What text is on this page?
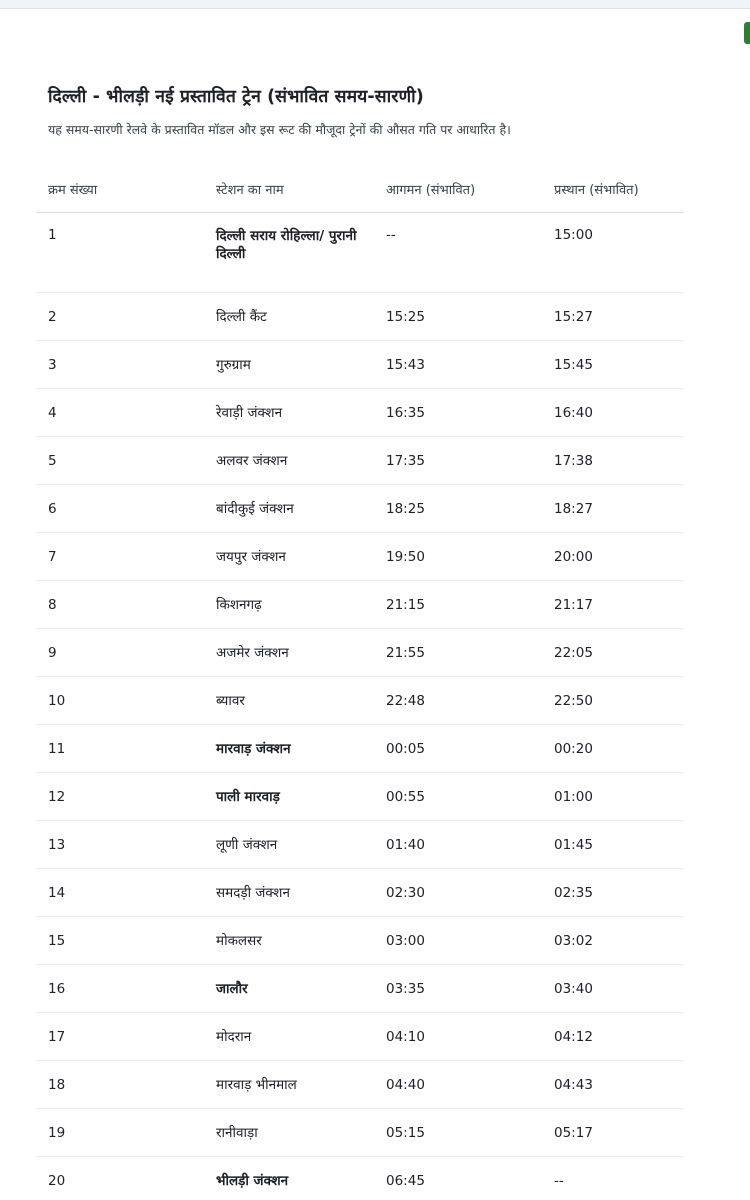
दिल्ली - भीलड़ी नई प्रस्तावित ट्रेन (संभावित समय-सारणी)
यह समय-सारणी रेलवे के प्रस्तावित मॉडल और इस रूट की मौजूदा ट्रेनों की औसत गति पर आधारित है।
क्रम संख्या	स्टेशन का नाम	आगमन (संभावित)	प्रस्थान (संभावित)
1	दिल्ली सराय रोहिल्ला/ पुरानी दिल्ली	--	15:00
2	दिल्ली कैंट	15:25	15:27
3	गुरुग्राम	15:43	15:45
4	रेवाड़ी जंक्शन	16:35	16:40
5	अलवर जंक्शन	17:35	17:38
6	बांदीकुई जंक्शन	18:25	18:27
7	जयपुर जंक्शन	19:50	20:00
8	किशनगढ़	21:15	21:17
9	अजमेर जंक्शन	21:55	22:05
10	ब्यावर	22:48	22:50
11	मारवाड़ जंक्शन	00:05	00:20
12	पाली मारवाड़	00:55	01:00
13	लूणी जंक्शन	01:40	01:45
14	समदड़ी जंक्शन	02:30	02:35
15	मोकलसर	03:00	03:02
16	जालौर	03:35	03:40
17	मोदरान	04:10	04:12
18	मारवाड़ भीनमाल	04:40	04:43
19	रानीवाड़ा	05:15	05:17
20	भीलड़ी जंक्शन	06:45	--
